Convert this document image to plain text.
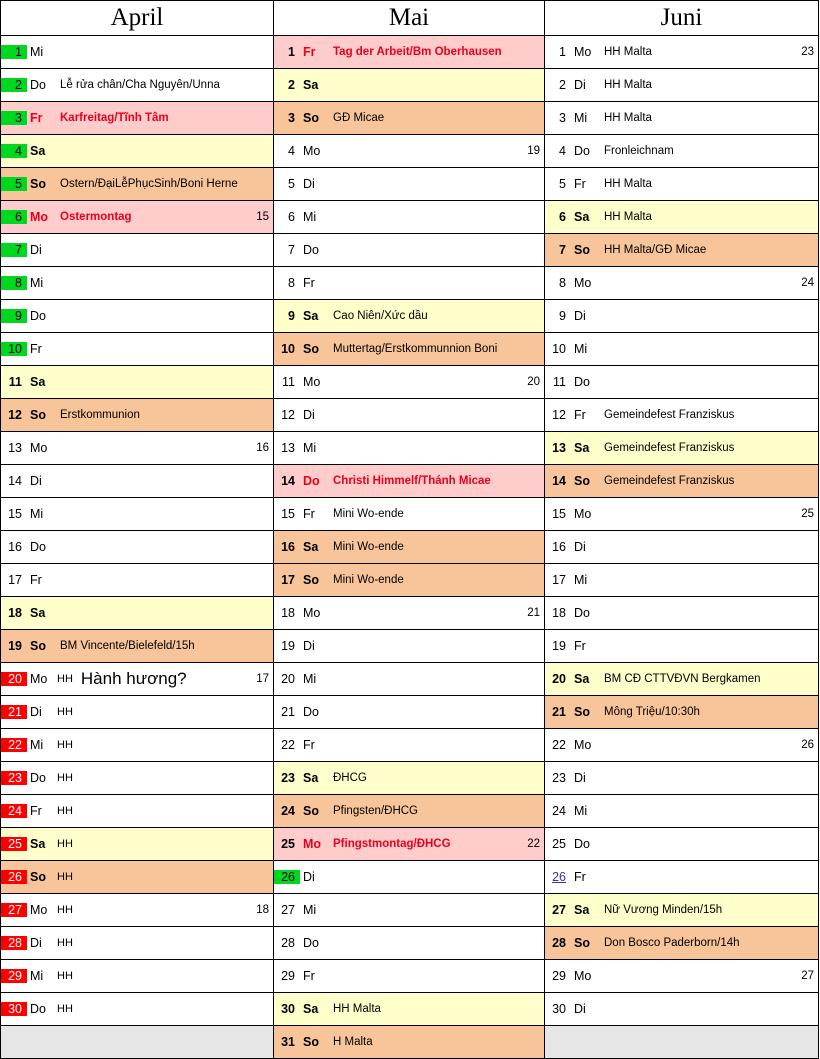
April	Mai	Juni

1 Mi	1 Fr Tag der Arbeit/Bm Oberhausen	1 Mo HH Malta 23

2 Do Lễ rửa chân/Cha Nguyên/Unna	2 Sa	2 Di HH Malta

3 Fr Karfreitag/Tĩnh Tâm	3 So GĐ Micae	3 Mi HH Malta

4 Sa	4 Mo 19	4 Do Fronleichnam

5 So Ostern/ĐạiLễPhụcSinh/Boni Herne	5 Di	5 Fr HH Malta

6 Mo Ostermontag 15	6 Mi	6 Sa HH Malta

7 Di	7 Do	7 So HH Malta/GĐ Micae

8 Mi	8 Fr	8 Mo 24

9 Do	9 Sa Cao Niên/Xức dầu	9 Di

10 Fr	10 So Muttertag/Erstkommunnion Boni	10 Mi

11 Sa	11 Mo 20	11 Do

12 So Erstkommunion	12 Di	12 Fr Gemeindefest Franziskus

13 Mo 16	13 Mi	13 Sa Gemeindefest Franziskus

14 Di	14 Do Christi Himmelf/Thánh Micae	14 So Gemeindefest Franziskus

15 Mi	15 Fr Mini Wo-ende	15 Mo 25

16 Do	16 Sa Mini Wo-ende	16 Di

17 Fr	17 So Mini Wo-ende	17 Mi

18 Sa	18 Mo 21	18 Do

19 So BM Vincente/Bielefeld/15h	19 Di	19 Fr

20 Mo HH Hành hương? 17	20 Mi	20 Sa BM CĐ CTTVĐVN Bergkamen

21 Di HH	21 Do	21 So Mông Triệu/10:30h

22 Mi HH	22 Fr	22 Mo 26

23 Do HH	23 Sa ĐHCG	23 Di

24 Fr HH	24 So Pfingsten/ĐHCG	24 Mi

25 Sa HH	25 Mo Pfingstmontag/ĐHCG 22	25 Do

26 So HH	26 Di	26 Fr

27 Mo HH 18	27 Mi	27 Sa Nữ Vương Minden/15h

28 Di HH	28 Do	28 So Don Bosco Paderborn/14h

29 Mi HH	29 Fr	29 Mo 27

30 Do HH	30 Sa HH Malta	30 Di

	31 So H Malta	
